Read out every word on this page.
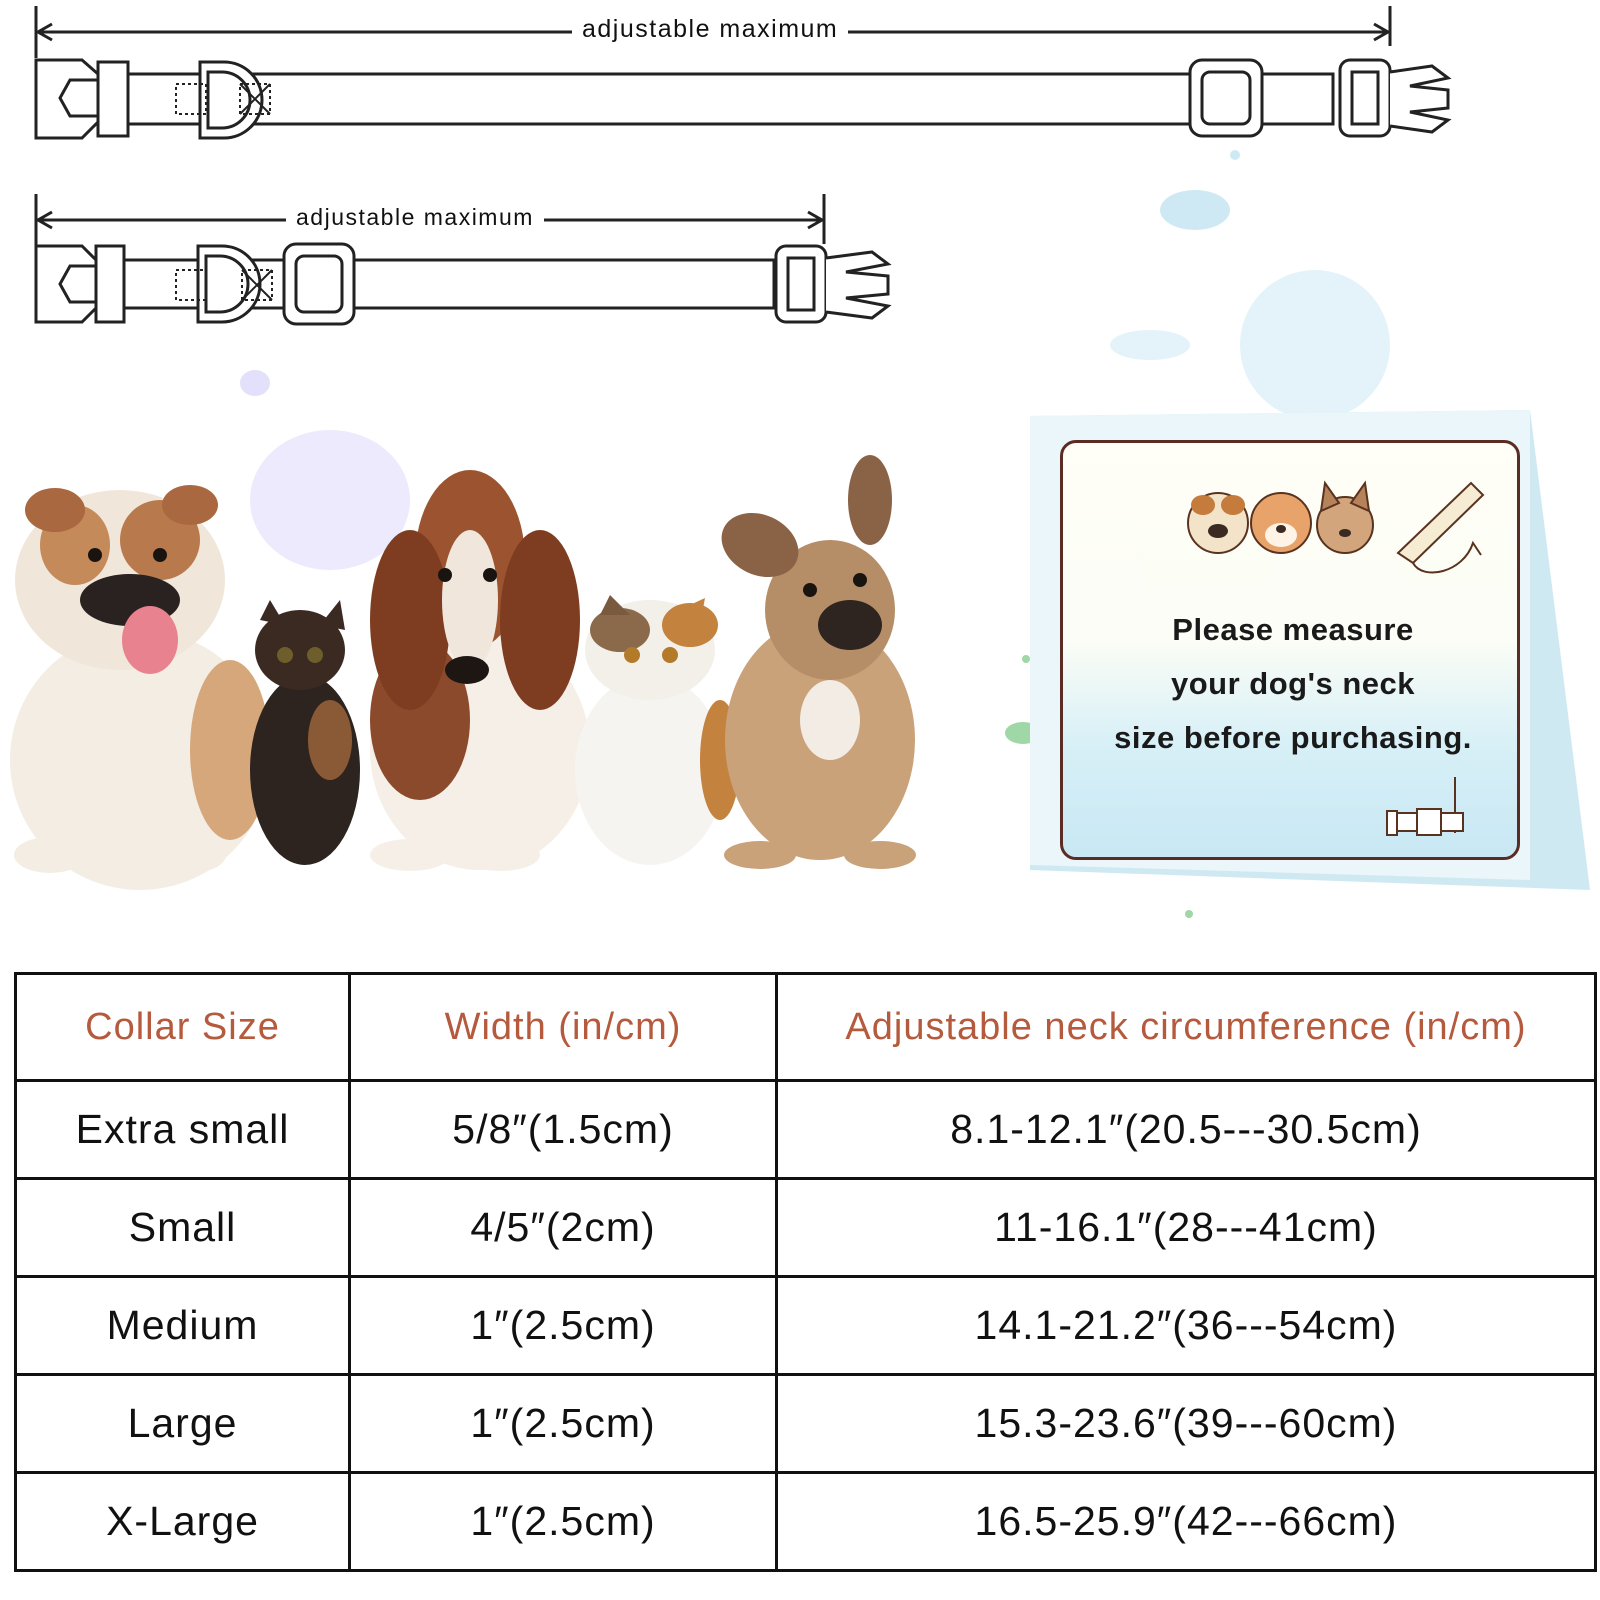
adjustable maximum
adjustable maximum
Please measure
your dog's neck
size before purchasing.
Collar Size	Width (in/cm)	Adjustable neck circumference (in/cm)
Extra small	5/8″(1.5cm)	8.1-12.1″(20.5---30.5cm)
Small	4/5″(2cm)	11-16.1″(28---41cm)
Medium	1″(2.5cm)	14.1-21.2″(36---54cm)
Large	1″(2.5cm)	15.3-23.6″(39---60cm)
X-Large	1″(2.5cm)	16.5-25.9″(42---66cm)
